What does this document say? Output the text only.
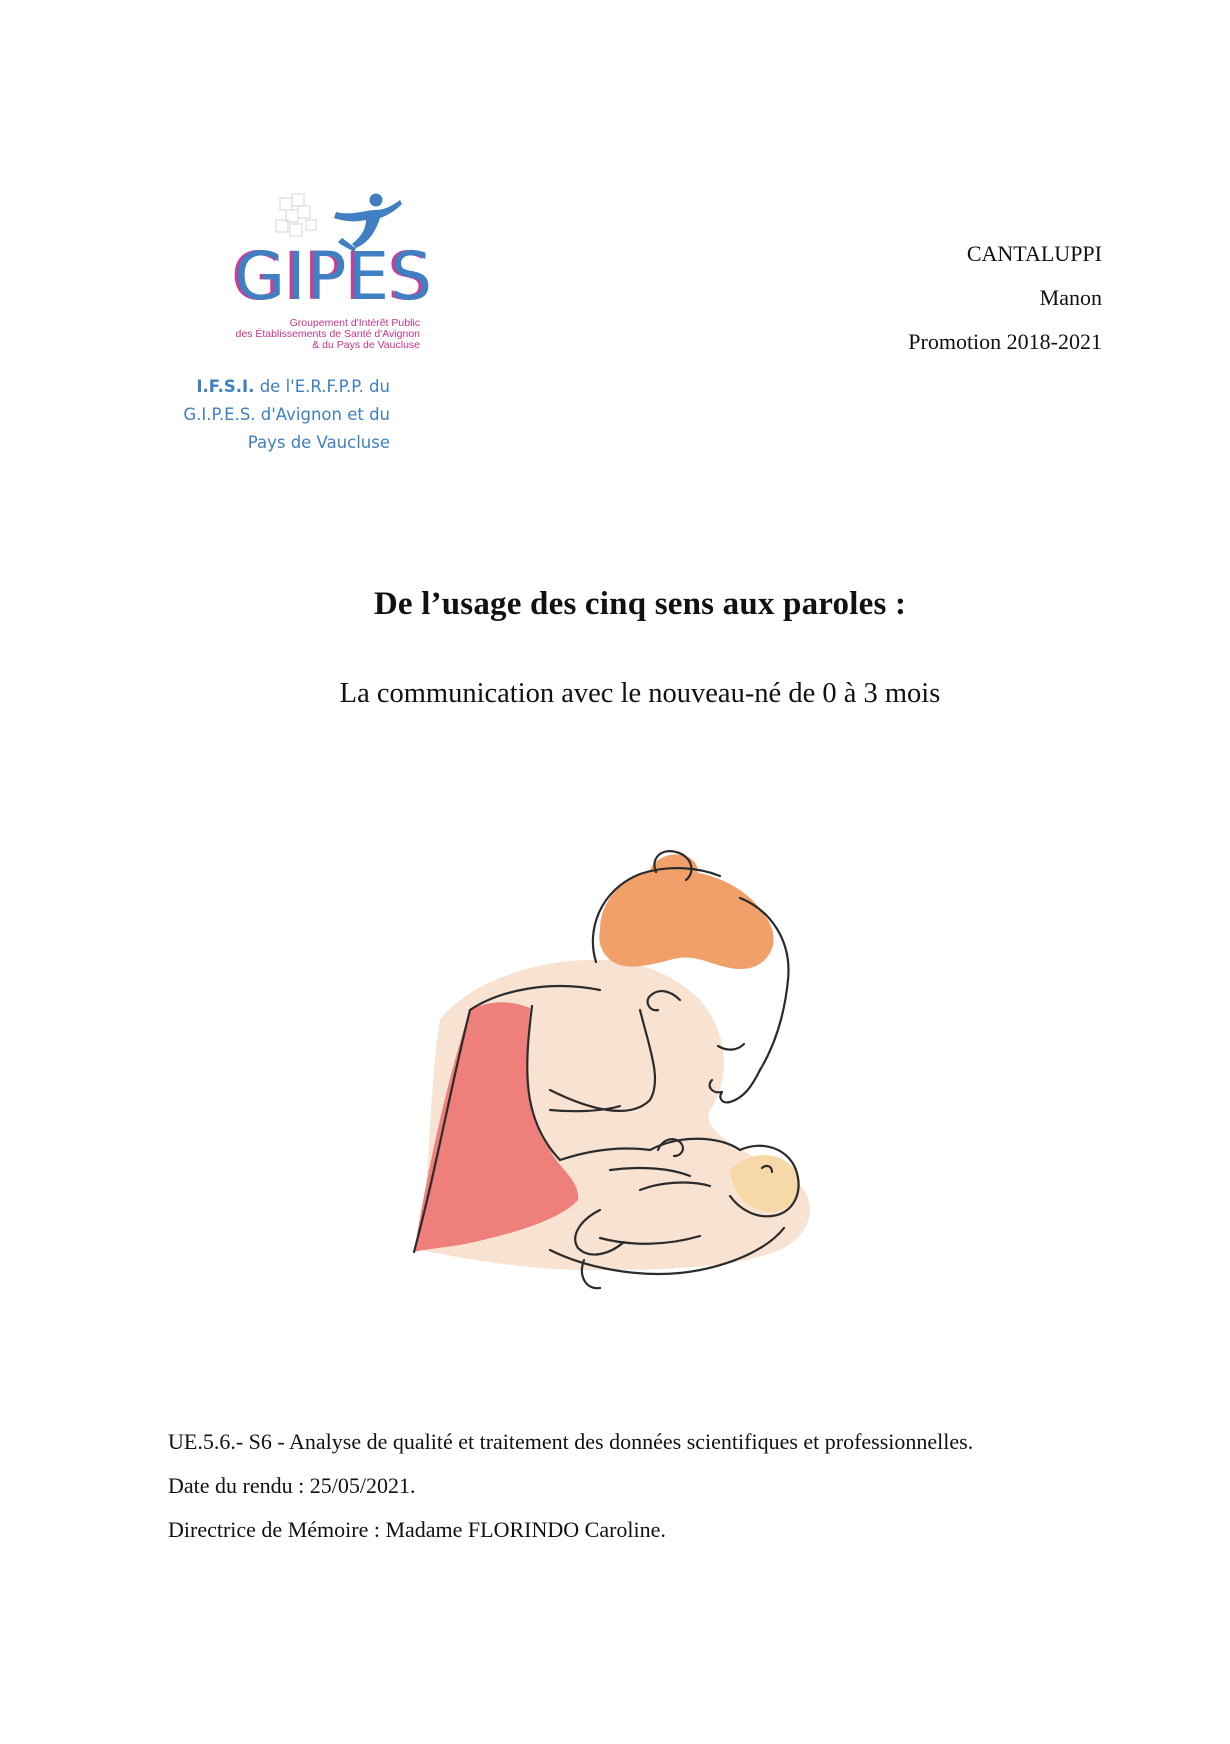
GIPES
Groupement d'Intérêt Public
des Établissements de Santé d'Avignon
& du Pays de Vaucluse
I.F.S.I. de l'E.R.F.P.P. du
G.I.P.E.S. d'Avignon et du
Pays de Vaucluse
CANTALUPPI
Manon
Promotion 2018-2021
De l’usage des cinq sens aux paroles :
La communication avec le nouveau-né de 0 à 3 mois
UE.5.6.- S6 - Analyse de qualité et traitement des données scientifiques et professionnelles.
Date du rendu : 25/05/2021.
Directrice de Mémoire : Madame FLORINDO Caroline.
